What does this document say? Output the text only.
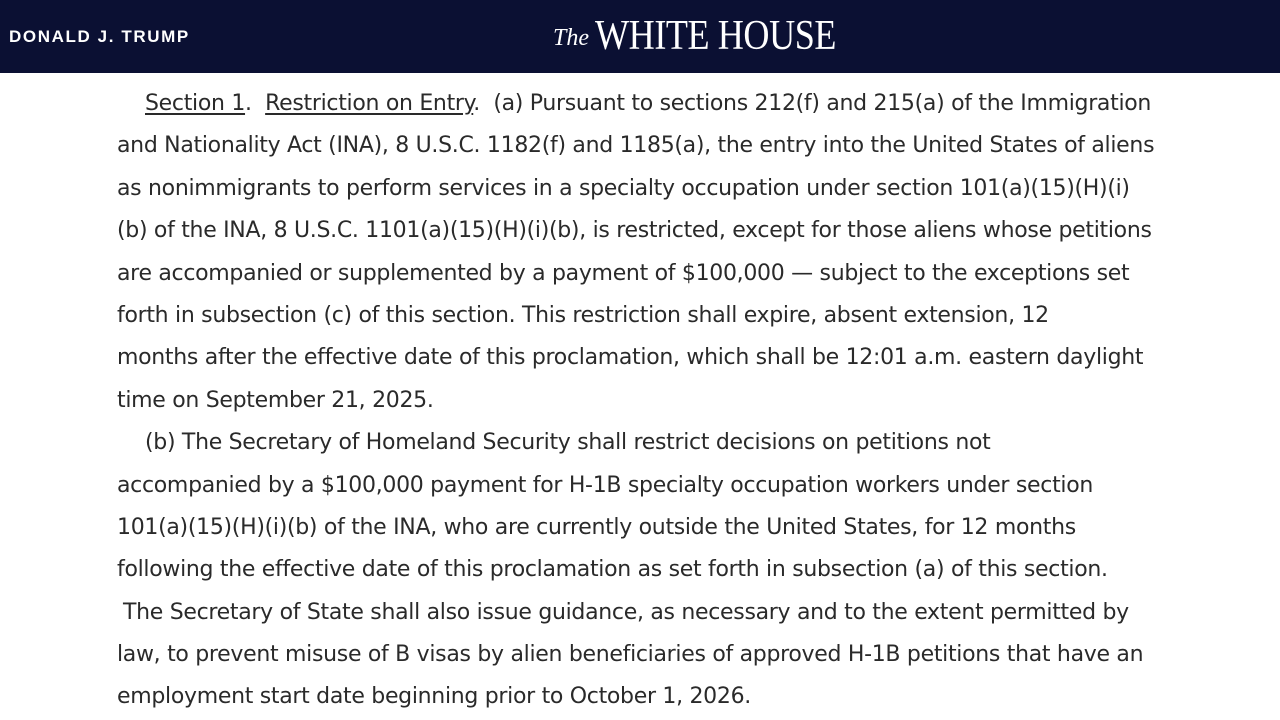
DONALD J. TRUMP	The WHITE HOUSE
Section 1. Restriction on Entry. (a) Pursuant to sections 212(f) and 215(a) of the Immigration
and Nationality Act (INA), 8 U.S.C. 1182(f) and 1185(a), the entry into the United States of aliens
as nonimmigrants to perform services in a specialty occupation under section 101(a)(15)(H)(i)
(b) of the INA, 8 U.S.C. 1101(a)(15)(H)(i)(b), is restricted, except for those aliens whose petitions
are accompanied or supplemented by a payment of $100,000 — subject to the exceptions set
forth in subsection (c) of this section. This restriction shall expire, absent extension, 12
months after the effective date of this proclamation, which shall be 12:01 a.m. eastern daylight
time on September 21, 2025.
(b) The Secretary of Homeland Security shall restrict decisions on petitions not
accompanied by a $100,000 payment for H-1B specialty occupation workers under section
101(a)(15)(H)(i)(b) of the INA, who are currently outside the United States, for 12 months
following the effective date of this proclamation as set forth in subsection (a) of this section.
The Secretary of State shall also issue guidance, as necessary and to the extent permitted by
law, to prevent misuse of B visas by alien beneficiaries of approved H-1B petitions that have an
employment start date beginning prior to October 1, 2026.
